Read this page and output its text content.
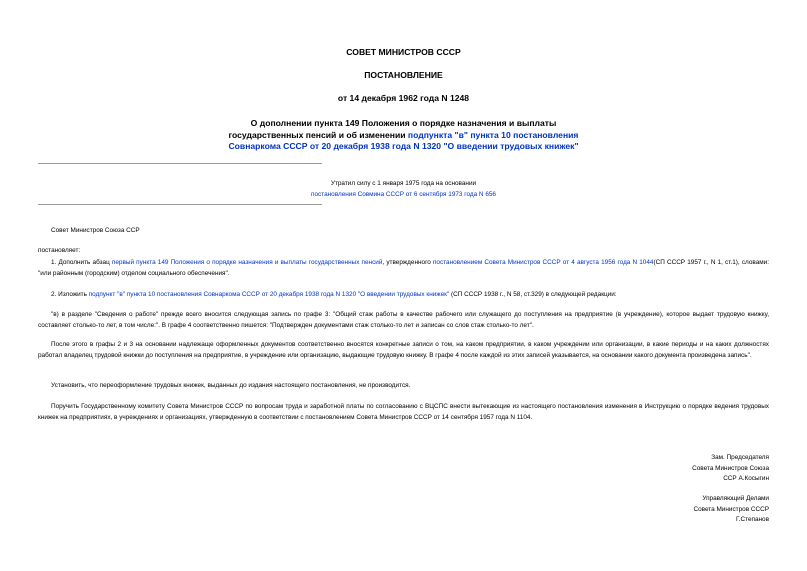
СОВЕТ МИНИСТРОВ СССР
ПОСТАНОВЛЕНИЕ
от 14 декабря 1962 года N 1248
О дополнении пункта 149 Положения о порядке назначения и выплаты
государственных пенсий и об изменении подпункта "в" пункта 10 постановления
Совнаркома СССР от 20 декабря 1938 года N 1320 "О введении трудовых книжек"
Утратил силу с 1 января 1975 года на основании
постановления Совмина СССР от 6 сентября 1973 года N 656
Совет Министров Союза ССР
постановляет:
1. Дополнить абзац первый пункта 149 Положения о порядке назначения и выплаты государственных пенсий, утвержденного постановлением Совета Министров СССР от 4 августа 1956 года N 1044(СП СССР 1957 г., N 1, ст.1), словами: "или районным (городским) отделом социального обеспечения".
2. Изложить подпункт "в" пункта 10 постановления Совнаркома СССР от 20 декабря 1938 года N 1320 "О введении трудовых книжек" (СП СССР 1938 г., N 58, ст.329) в следующей редакции:
"в) в разделе "Сведения о работе" прежде всего вносится следующая запись по графе 3: "Общий стаж работы в качестве рабочего или служащего до поступления на предприятие (в учреждение), которое выдает трудовую книжку, составляет столько-то лет, в том числе:". В графе 4 соответственно пишется: "Подтвержден документами стаж столько-то лет и записан со слов стаж столько-то лет".
После этого в графы 2 и 3 на основании надлежаще оформленных документов соответственно вносятся конкретные записи о том, на каком предприятии, в каком учреждении или организации, в какие периоды и на каких должностях работал владелец трудовой книжки до поступления на предприятие, в учреждение или организацию, выдающие трудовую книжку. В графе 4 после каждой из этих записей указывается, на основании какого документа произведена запись".
Установить, что переоформление трудовых книжек, выданных до издания настоящего постановления, не производится.
Поручить Государственному комитету Совета Министров СССР по вопросам труда и заработной платы по согласованию с ВЦСПС внести вытекающие из настоящего постановления изменения в Инструкцию о порядке ведения трудовых книжек на предприятиях, в учреждениях и организациях, утвержденную в соответствии с постановлением Совета Министров СССР от 14 сентября 1957 года N 1104.
Зам. Председателя
Совета Министров Союза
ССР А.Косыгин
Управляющий Делами
Совета Министров СССР
Г.Степанов
